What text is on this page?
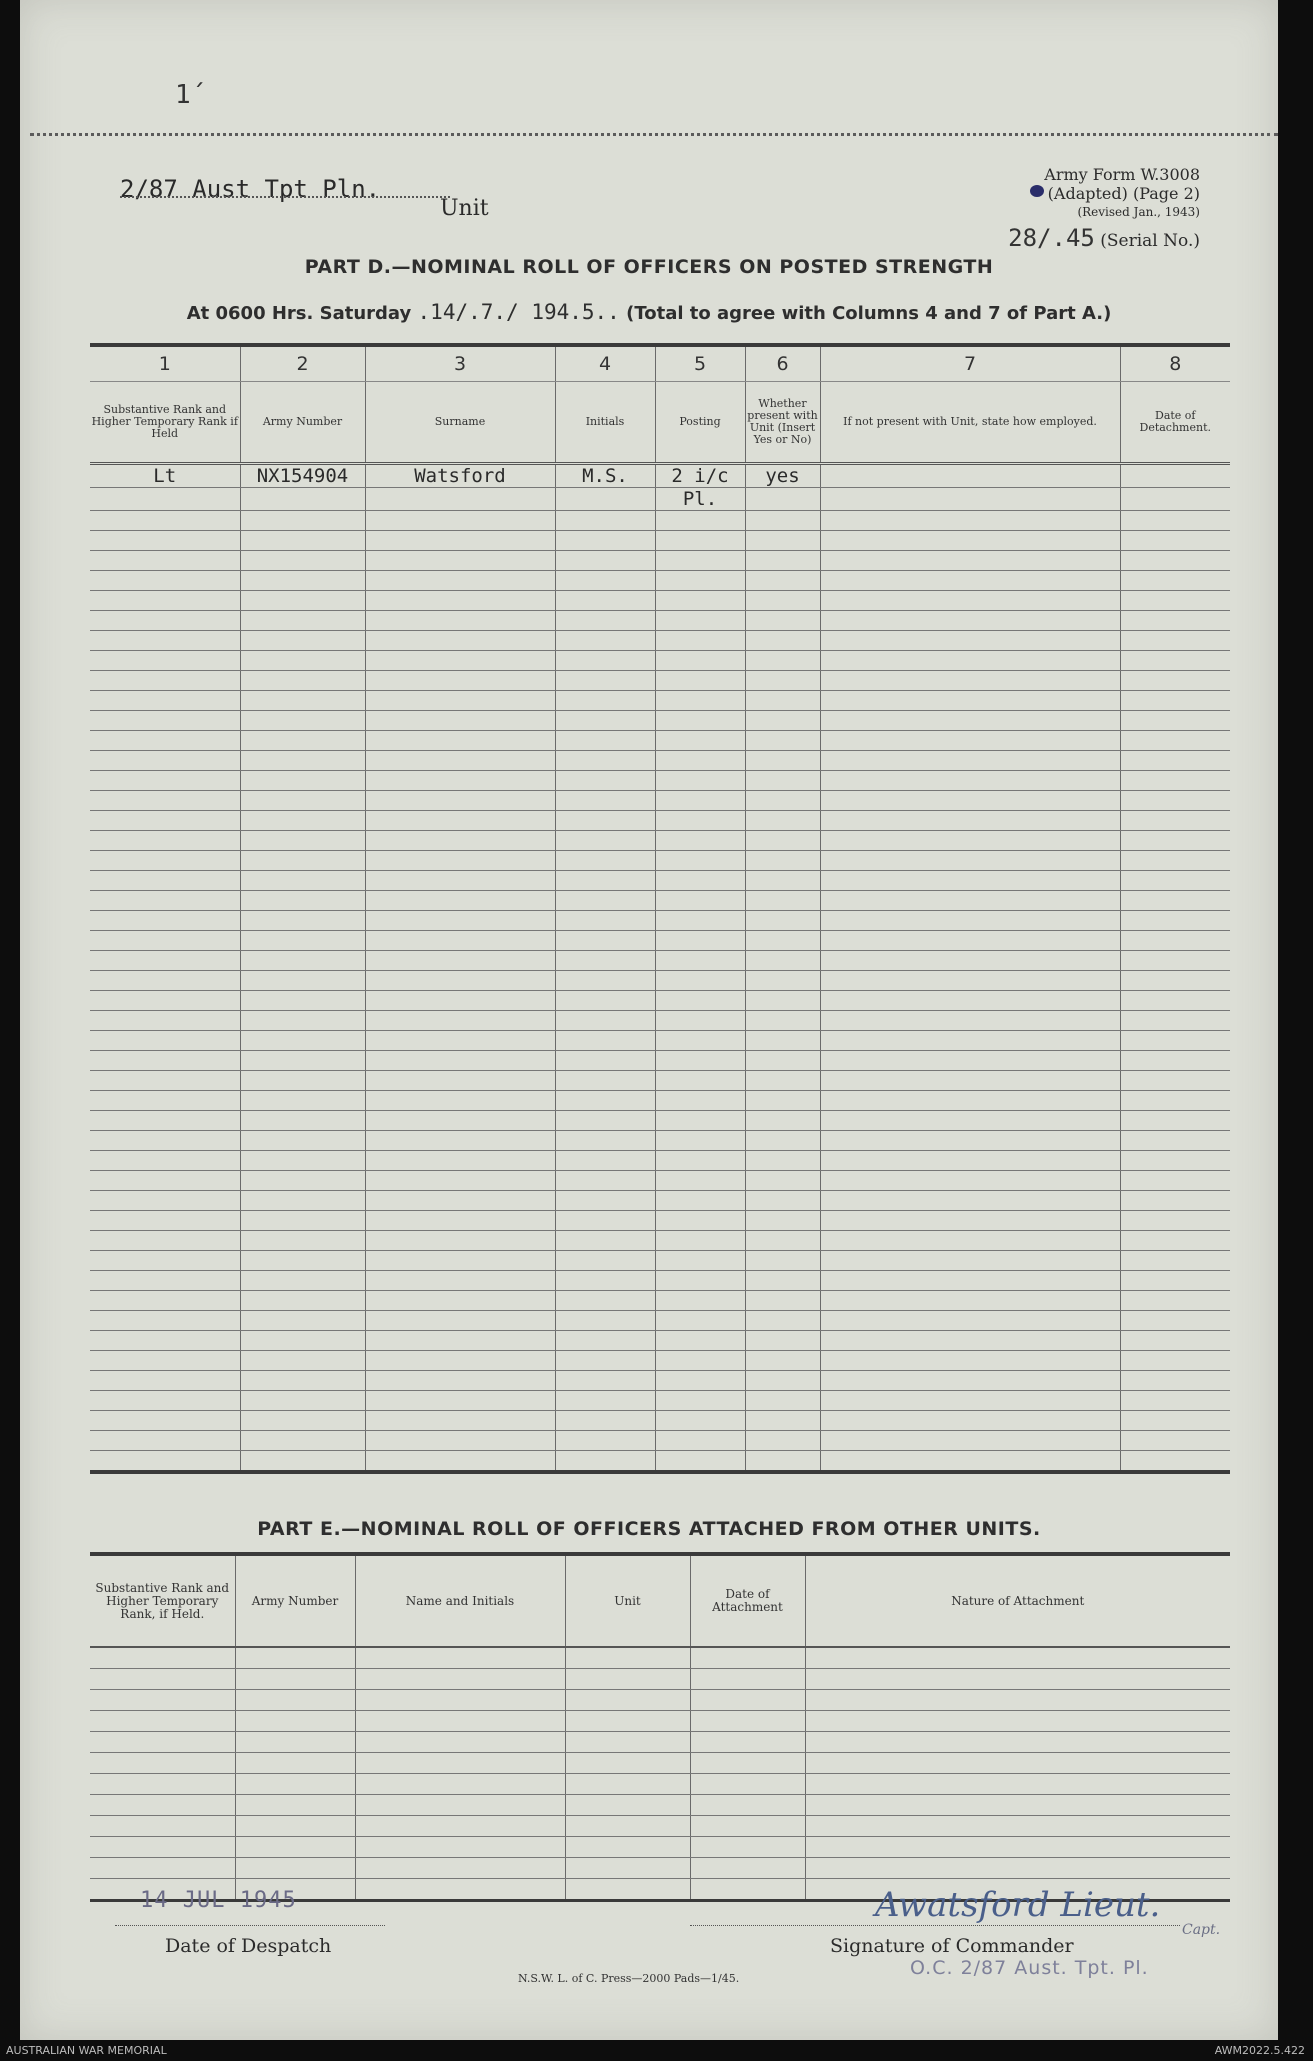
1´
2/87 Aust Tpt Pln.
Unit
Army Form W.3008
(Adapted) (Page 2)
(Revised Jan., 1943)
28/.45 (Serial No.)
PART D.—NOMINAL ROLL OF OFFICERS ON POSTED STRENGTH
At 0600 Hrs. Saturday .14/.7./ 194.5.. (Total to agree with Columns 4 and 7 of Part A.)
1	2	3	4	5	6	7	8
Substantive Rank and Higher Temporary Rank if Held	Army Number	Surname	Initials	Posting	Whether present with Unit (Insert Yes or No)	If not present with Unit, state how employed.	Date of Detachment.
Lt	NX154904	Watsford	M.S.	2 i/c	yes		
				Pl.			

PART E.—NOMINAL ROLL OF OFFICERS ATTACHED FROM OTHER UNITS.
Substantive Rank and Higher Temporary Rank, if Held.	Army Number	Name and Initials	Unit	Date of Attachment	Nature of Attachment

14 JUL 1945
Date of Despatch
Awatsford Lieut.
Capt.
Signature of Commander
O.C. 2/87 Aust. Tpt. Pl.
N.S.W. L. of C. Press—2000 Pads—1/45.
AUSTRALIAN WAR MEMORIAL	AWM2022.5.422
